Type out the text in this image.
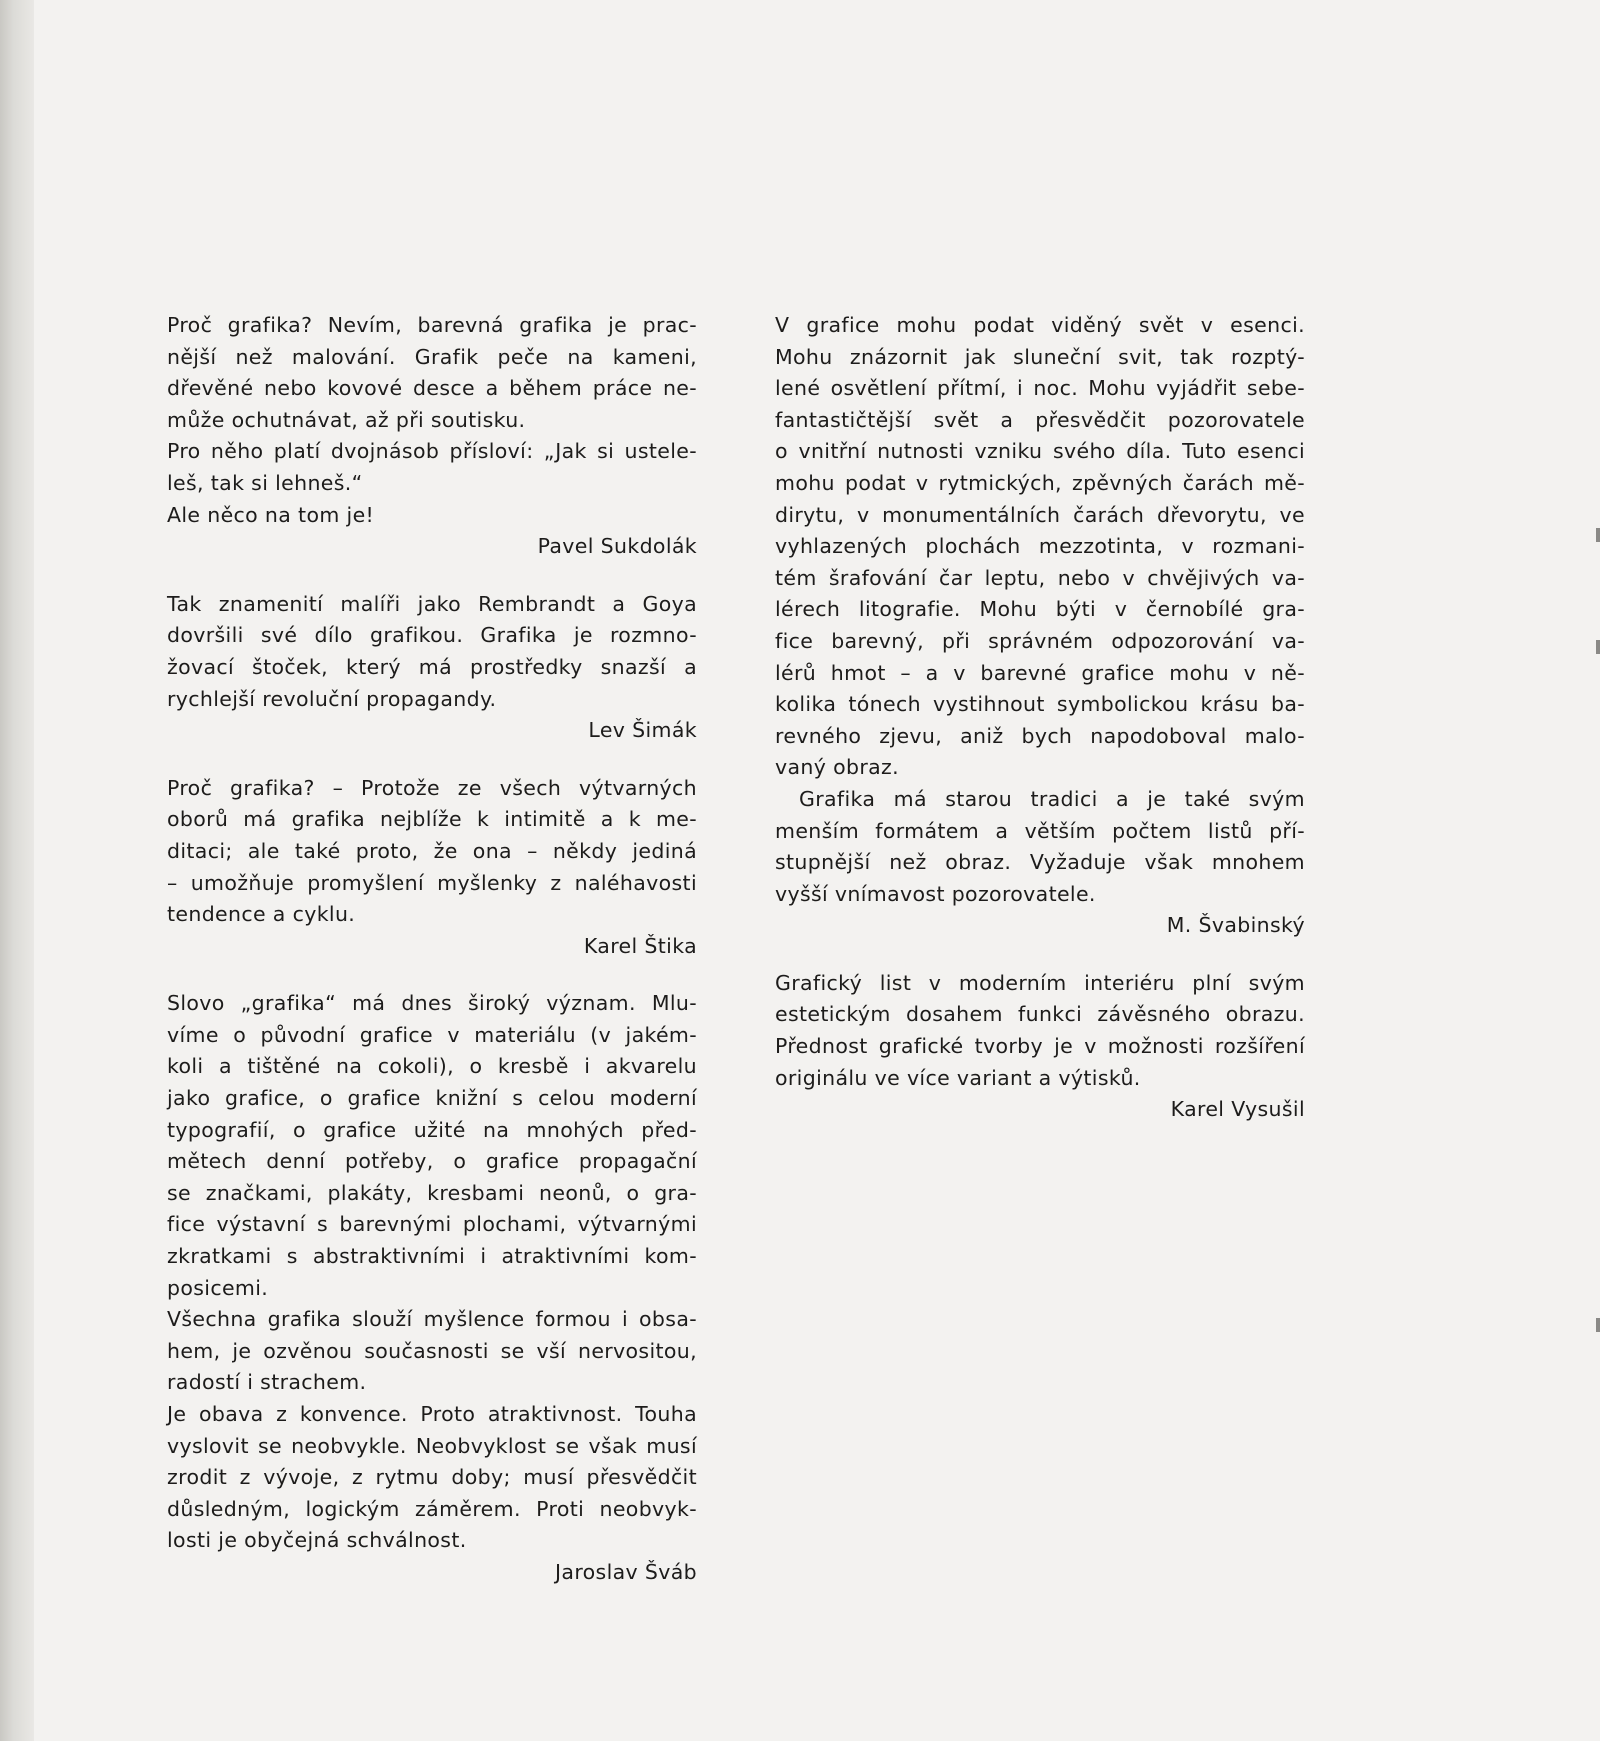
Proč grafika? Nevím, barevná grafika je prac-
nější než malování. Grafik peče na kameni,
dřevěné nebo kovové desce a během práce ne-
může ochutnávat, až při soutisku.
Pro něho platí dvojnásob přísloví: „Jak si ustele-
leš, tak si lehneš.“
Ale něco na tom je!
Pavel Sukdolák
Tak znamenití malíři jako Rembrandt a Goya
dovršili své dílo grafikou. Grafika je rozmno-
žovací štoček, který má prostředky snazší a
rychlejší revoluční propagandy.
Lev Šimák
Proč grafika? – Protože ze všech výtvarných
oborů má grafika nejblíže k intimitě a k me-
ditaci; ale také proto, že ona – někdy jediná
– umožňuje promyšlení myšlenky z naléhavosti
tendence a cyklu.
Karel Štika
Slovo „grafika“ má dnes široký význam. Mlu-
víme o původní grafice v materiálu (v jakém-
koli a tištěné na cokoli), o kresbě i akvarelu
jako grafice, o grafice knižní s celou moderní
typografií, o grafice užité na mnohých před-
mětech denní potřeby, o grafice propagační
se značkami, plakáty, kresbami neonů, o gra-
fice výstavní s barevnými plochami, výtvarnými
zkratkami s abstraktivními i atraktivními kom-
posicemi.
Všechna grafika slouží myšlence formou i obsa-
hem, je ozvěnou současnosti se vší nervositou,
radostí i strachem.
Je obava z konvence. Proto atraktivnost. Touha
vyslovit se neobvykle. Neobvyklost se však musí
zrodit z vývoje, z rytmu doby; musí přesvědčit
důsledným, logickým záměrem. Proti neobvyk-
losti je obyčejná schválnost.
Jaroslav Šváb
V grafice mohu podat viděný svět v esenci.
Mohu znázornit jak sluneční svit, tak rozptý-
lené osvětlení přítmí, i noc. Mohu vyjádřit sebe-
fantastičtější svět a přesvědčit pozorovatele
o vnitřní nutnosti vzniku svého díla. Tuto esenci
mohu podat v rytmických, zpěvných čarách mě-
dirytu, v monumentálních čarách dřevorytu, ve
vyhlazených plochách mezzotinta, v rozmani-
tém šrafování čar leptu, nebo v chvějivých va-
lérech litografie. Mohu býti v černobílé gra-
fice barevný, při správném odpozorování va-
lérů hmot – a v barevné grafice mohu v ně-
kolika tónech vystihnout symbolickou krásu ba-
revného zjevu, aniž bych napodoboval malo-
vaný obraz.
Grafika má starou tradici a je také svým
menším formátem a větším počtem listů pří-
stupnější než obraz. Vyžaduje však mnohem
vyšší vnímavost pozorovatele.
M. Švabinský
Grafický list v moderním interiéru plní svým
estetickým dosahem funkci závěsného obrazu.
Přednost grafické tvorby je v možnosti rozšíření
originálu ve více variant a výtisků.
Karel Vysušil
